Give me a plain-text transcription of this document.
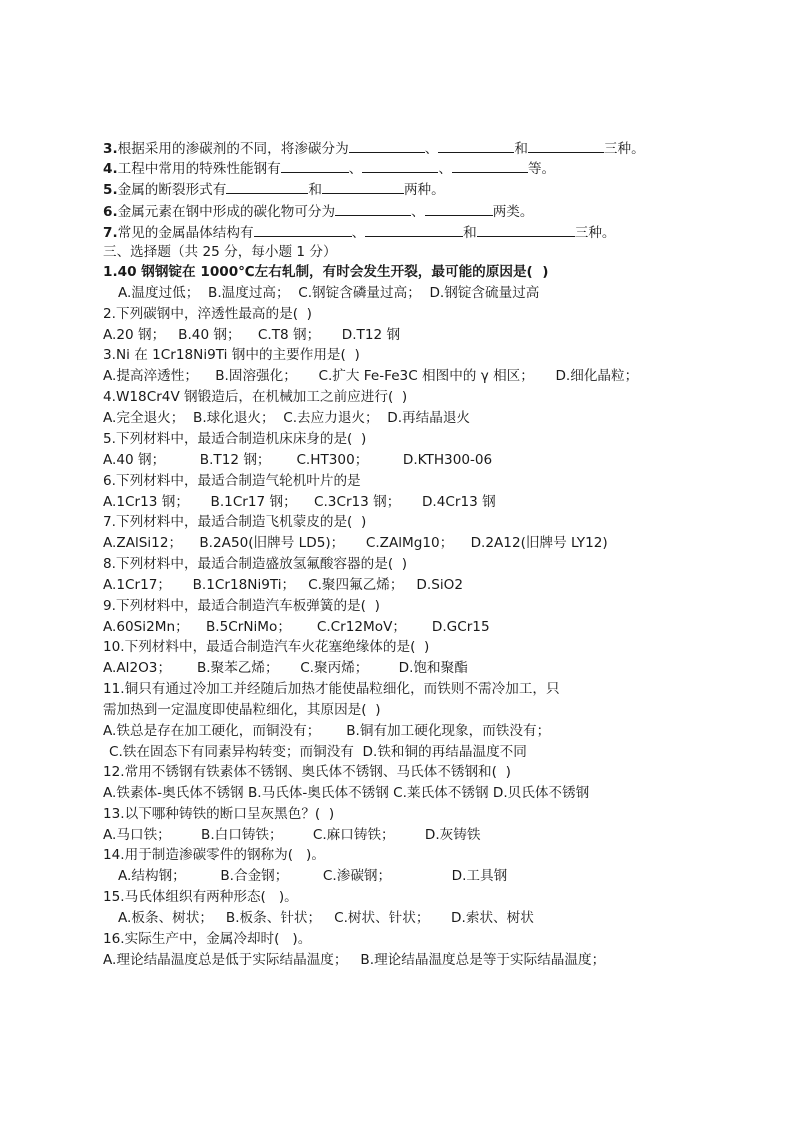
3.根据采用的渗碳剂的不同，将渗碳分为	、	和	三种。
4.工程中常用的特殊性能钢有	、	、	等。
5.金属的断裂形式有	和	两种。
6.金属元素在钢中形成的碳化物可分为	、	两类。
7.常见的金属晶体结构有	、	和	三种。
三、选择题（共 25 分，每小题 1 分）
1.40 钢钢锭在 1000℃左右轧制，有时会发生开裂，最可能的原因是(  )
A.温度过低；  B.温度过高；  C.钢锭含磷量过高；  D.钢锭含硫量过高
2.下列碳钢中，淬透性最高的是(  )
A.20 钢；   B.40 钢；    C.T8 钢；     D.T12 钢
3.Ni 在 1Cr18Ni9Ti 钢中的主要作用是(  )
A.提高淬透性；    B.固溶强化；     C.扩大 Fe-Fe3C 相图中的 γ 相区；     D.细化晶粒；
4.W18Cr4V 钢锻造后，在机械加工之前应进行(  )
A.完全退火；  B.球化退火；  C.去应力退火；  D.再结晶退火
5.下列材料中，最适合制造机床床身的是(  )
A.40 钢；        B.T12 钢；      C.HT300；        D.KTH300-06
6.下列材料中，最适合制造气轮机叶片的是
A.1Cr13 钢；     B.1Cr17 钢；    C.3Cr13 钢；     D.4Cr13 钢
7.下列材料中，最适合制造飞机蒙皮的是(  )
A.ZAlSi12；    B.2A50(旧牌号 LD5)；     C.ZAlMg10；    D.2A12(旧牌号 LY12)
8.下列材料中，最适合制造盛放氢氟酸容器的是(  )
A.1Cr17；     B.1Cr18Ni9Ti；   C.聚四氟乙烯；   D.SiO2
9.下列材料中，最适合制造汽车板弹簧的是(  )
A.60Si2Mn；    B.5CrNiMo；      C.Cr12MoV；      D.GCr15
10.下列材料中，最适合制造汽车火花塞绝缘体的是(  )
A.Al2O3；      B.聚苯乙烯；     C.聚丙烯；       D.饱和聚酯
11.铜只有通过冷加工并经随后加热才能使晶粒细化，而铁则不需冷加工，只
需加热到一定温度即使晶粒细化，其原因是(  )
A.铁总是存在加工硬化，而铜没有；      B.铜有加工硬化现象，而铁没有；
C.铁在固态下有同素异构转变；而铜没有  D.铁和铜的再结晶温度不同
12.常用不锈钢有铁素体不锈钢、奥氏体不锈钢、马氏体不锈钢和(  )
A.铁素体-奥氏体不锈钢 B.马氏体-奥氏体不锈钢 C.莱氏体不锈钢 D.贝氏体不锈钢
13.以下哪种铸铁的断口呈灰黑色？(  )
A.马口铁；       B.白口铸铁；       C.麻口铸铁；       D.灰铸铁
14.用于制造渗碳零件的钢称为(   )。
A.结构钢；        B.合金钢；        C.渗碳钢；              D.工具钢
15.马氏体组织有两种形态(   )。
A.板条、树状；   B.板条、针状；   C.树状、针状；     D.索状、树状
16.实际生产中，金属冷却时(   )。
A.理论结晶温度总是低于实际结晶温度；   B.理论结晶温度总是等于实际结晶温度；
